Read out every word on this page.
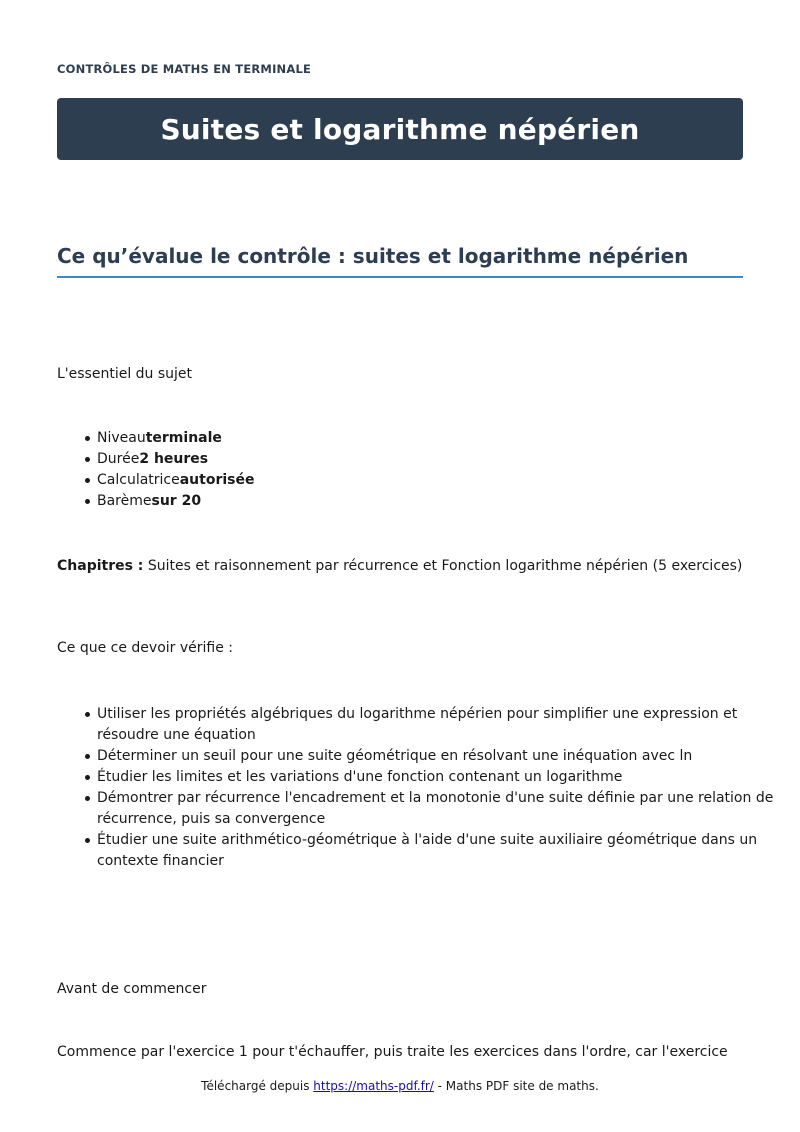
CONTRÔLES DE MATHS EN TERMINALE
Suites et logarithme népérien
Ce qu’évalue le contrôle : suites et logarithme népérien
L'essentiel du sujet
Niveauterminale
Durée2 heures
Calculatriceautorisée
Barèmesur 20
Chapitres : Suites et raisonnement par récurrence et Fonction logarithme népérien (5 exercices)
Ce que ce devoir vérifie :
Utiliser les propriétés algébriques du logarithme népérien pour simplifier une expression et résoudre une équation
Déterminer un seuil pour une suite géométrique en résolvant une inéquation avec ln
Étudier les limites et les variations d'une fonction contenant un logarithme
Démontrer par récurrence l'encadrement et la monotonie d'une suite définie par une relation de récurrence, puis sa convergence
Étudier une suite arithmético-géométrique à l'aide d'une suite auxiliaire géométrique dans un contexte financier
Avant de commencer
Commence par l'exercice 1 pour t'échauffer, puis traite les exercices dans l'ordre, car l'exercice
Téléchargé depuis https://maths-pdf.fr/ - Maths PDF site de maths.
